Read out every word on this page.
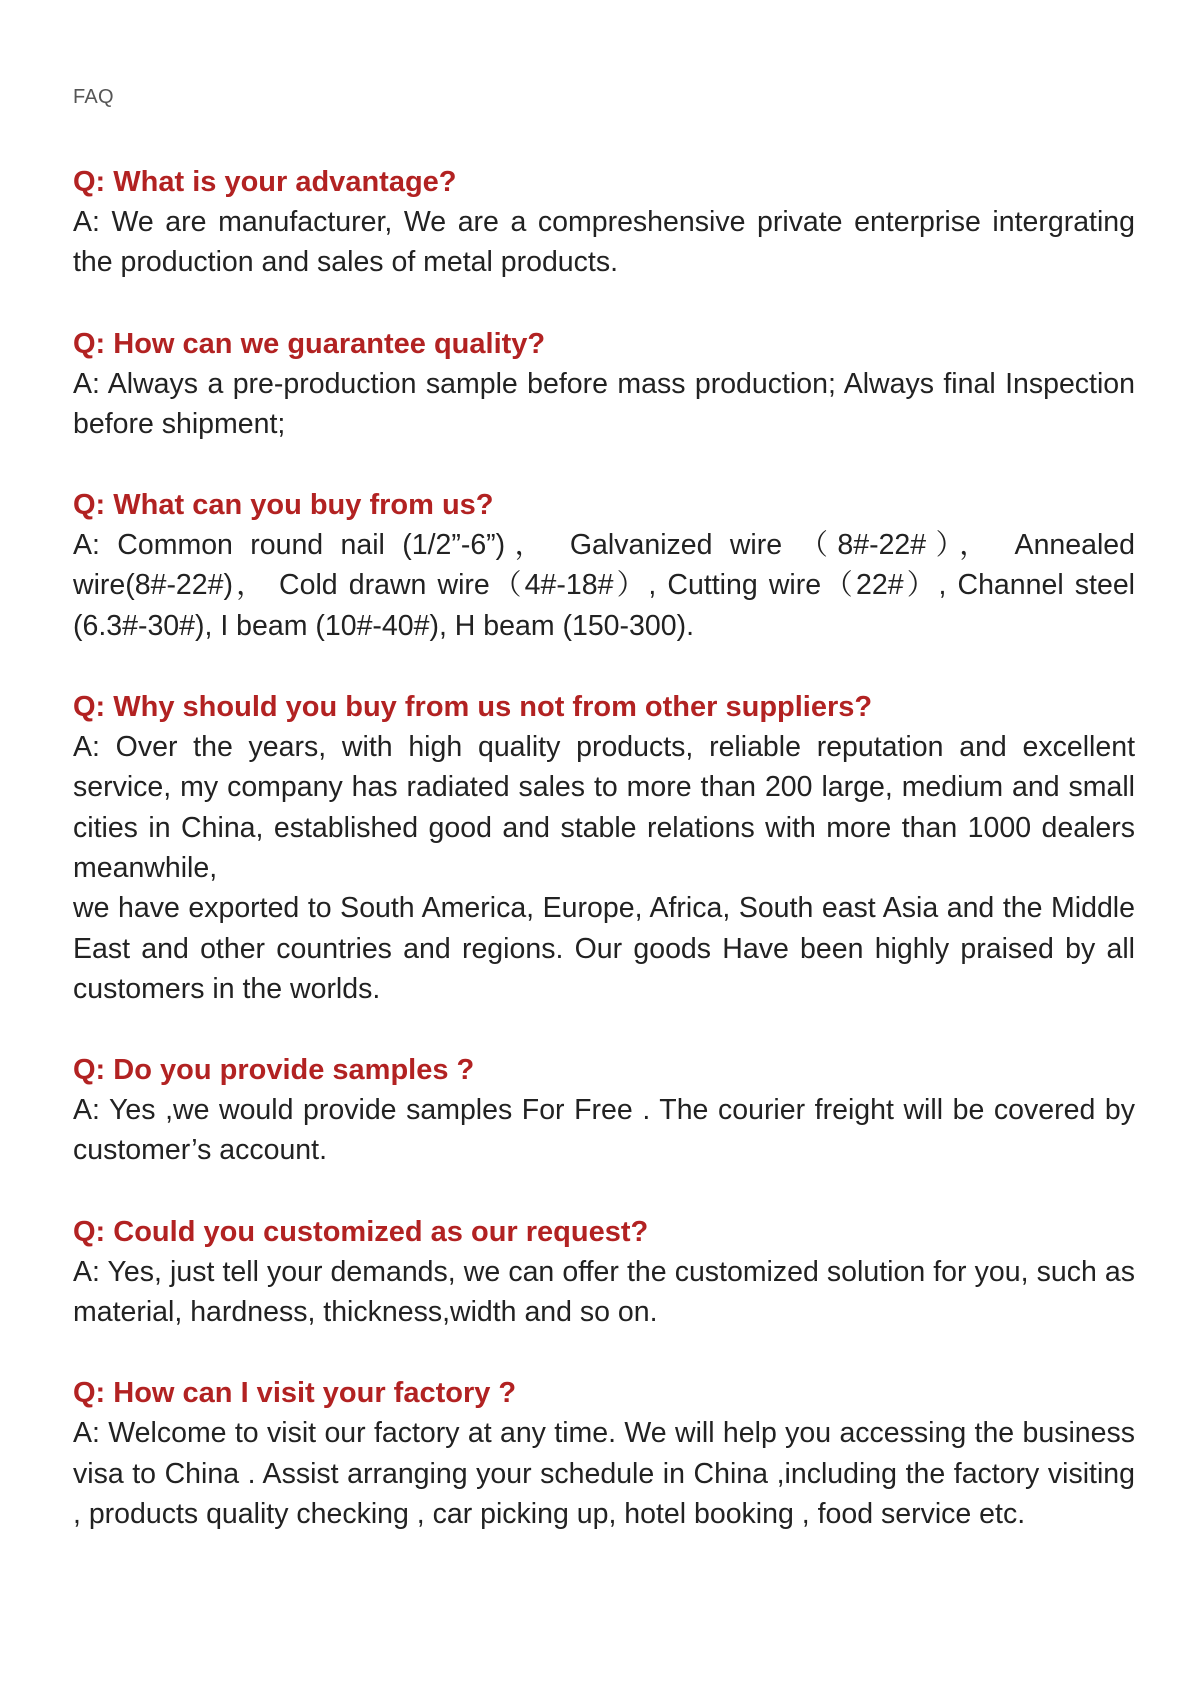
FAQ

Q: What is your advantage?

A: We are manufacturer, We are a compreshensive private enterprise intergrating the production and sales of metal products.

Q: How can we guarantee quality?

A: Always a pre-production sample before mass production; Always final Inspection before shipment;

Q: What can you buy from us?

A: Common round nail (1/2”-6”)， Galvanized wire （8#-22#）， Annealed wire(8#-22#)， Cold drawn wire（4#-18#）, Cutting wire（22#）, Channel steel (6.3#-30#), I beam (10#-40#), H beam (150-300).

Q: Why should you buy from us not from other suppliers?

A: Over the years, with high quality products, reliable reputation and excellent service, my company has radiated sales to more than 200 large, medium and small cities in China, established good and stable relations with more than 1000 dealers meanwhile,
we have exported to South America, Europe, Africa, South east Asia and the Middle East and other countries and regions. Our goods Have been highly praised by all customers in the worlds.

Q: Do you provide samples ?

A: Yes ,we would provide samples For Free . The courier freight will be covered by customer’s account.

Q: Could you customized as our request?

A: Yes, just tell your demands, we can offer the customized solution for you, such as material, hardness, thickness,width and so on.

Q: How can I visit your factory ?

A: Welcome to visit our factory at any time. We will help you accessing the business visa to China . Assist arranging your schedule in China ,including the factory visiting , products quality checking , car picking up, hotel booking , food service etc.
